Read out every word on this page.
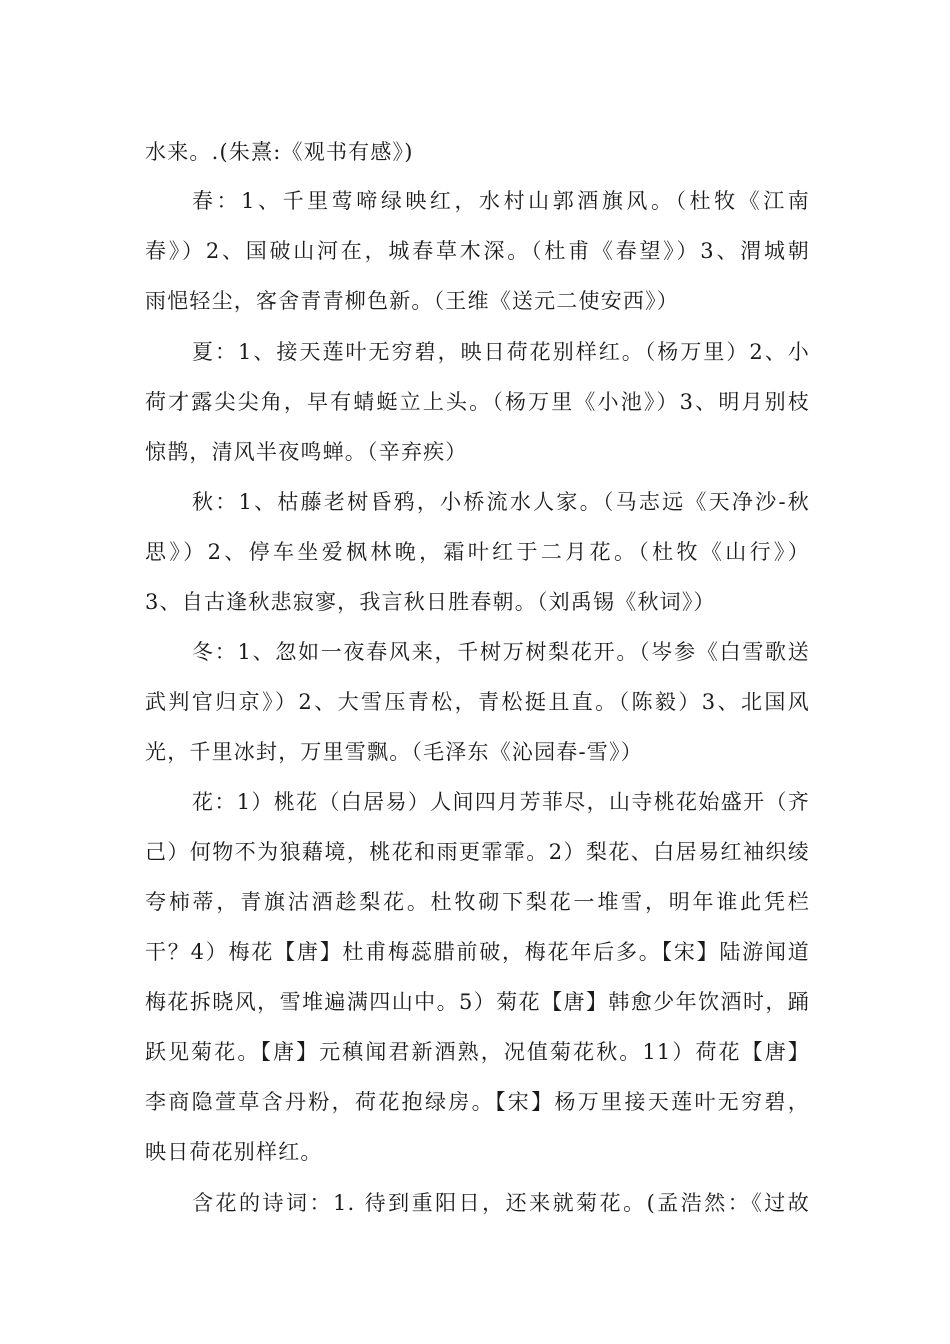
水来。.(朱熹:《观书有感》)
春：1、千里莺啼绿映红，水村山郭酒旗风。（杜牧《江南
春》）2、国破山河在，城春草木深。（杜甫《春望》）3、渭城朝
雨悒轻尘，客舍青青柳色新。（王维《送元二使安西》）
夏：1、接天莲叶无穷碧，映日荷花别样红。（杨万里）2、小
荷才露尖尖角，早有蜻蜓立上头。（杨万里《小池》）3、明月别枝
惊鹊，清风半夜鸣蝉。（辛弃疾）
秋：1、枯藤老树昏鸦，小桥流水人家。（马志远《天净沙-秋
思》）2、停车坐爱枫林晚，霜叶红于二月花。（杜牧《山行》）
3、自古逢秋悲寂寥，我言秋日胜春朝。（刘禹锡《秋词》）
冬：1、忽如一夜春风来，千树万树梨花开。（岑参《白雪歌送
武判官归京》）2、大雪压青松，青松挺且直。（陈毅）3、北国风
光，千里冰封，万里雪飘。（毛泽东《沁园春-雪》）
花：1）桃花（白居易）人间四月芳菲尽，山寺桃花始盛开（齐
己）何物不为狼藉境，桃花和雨更霏霏。2）梨花、白居易红袖织绫
夸柿蒂，青旗沽酒趁梨花。杜牧砌下梨花一堆雪，明年谁此凭栏
干？4）梅花【唐】杜甫梅蕊腊前破，梅花年后多。【宋】陆游闻道
梅花拆晓风，雪堆遍满四山中。5）菊花【唐】韩愈少年饮酒时，踊
跃见菊花。【唐】元稹闻君新酒熟，况值菊花秋。11）荷花【唐】
李商隐萱草含丹粉，荷花抱绿房。【宋】杨万里接天莲叶无穷碧，
映日荷花别样红。
含花的诗词：1. 待到重阳日，还来就菊花。(孟浩然：《过故
